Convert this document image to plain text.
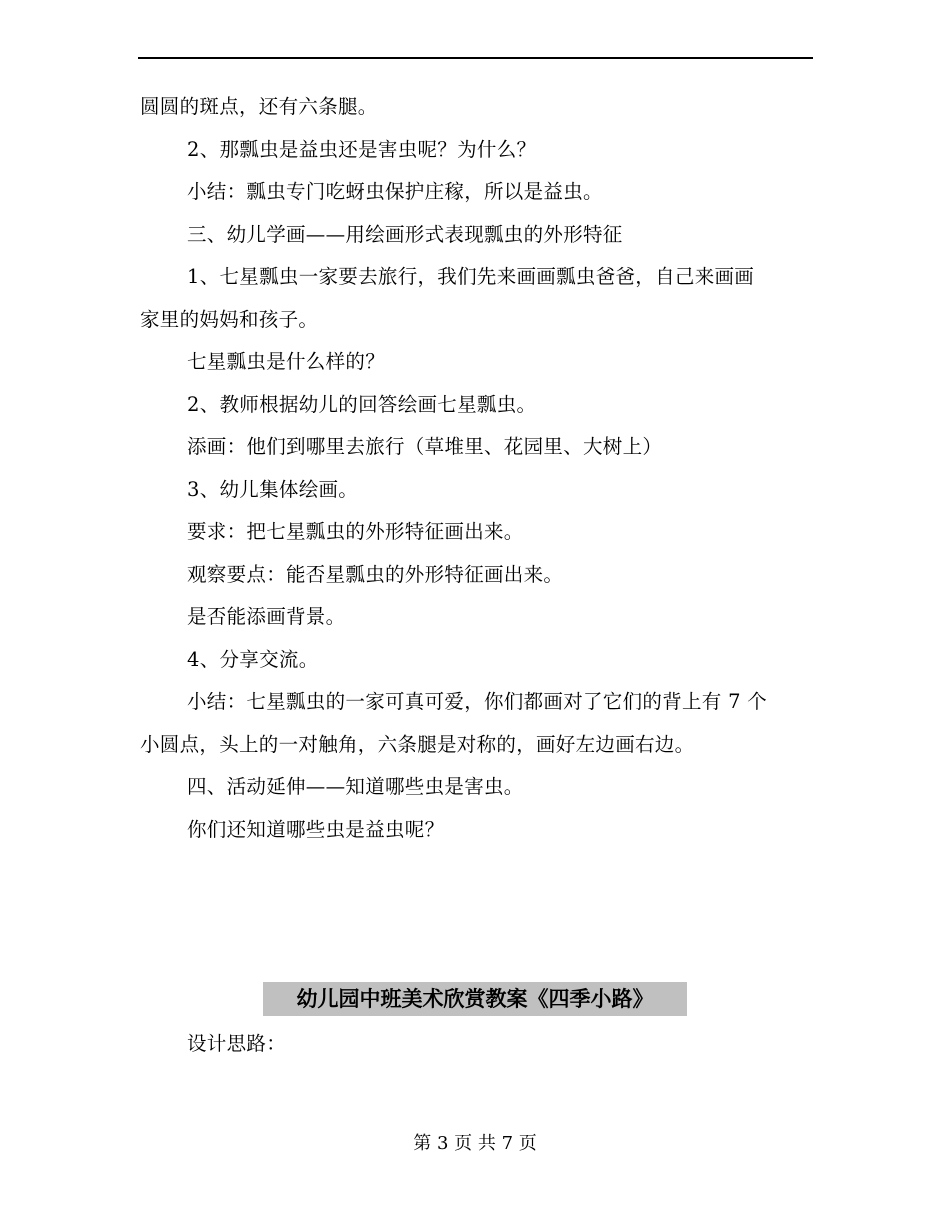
圆圆的斑点，还有六条腿。

2、那瓢虫是益虫还是害虫呢？为什么？

小结：瓢虫专门吃蚜虫保护庄稼，所以是益虫。

三、幼儿学画——用绘画形式表现瓢虫的外形特征

1、七星瓢虫一家要去旅行，我们先来画画瓢虫爸爸，自己来画画
家里的妈妈和孩子。

七星瓢虫是什么样的？

2、教师根据幼儿的回答绘画七星瓢虫。

添画：他们到哪里去旅行（草堆里、花园里、大树上）

3、幼儿集体绘画。

要求：把七星瓢虫的外形特征画出来。

观察要点：能否星瓢虫的外形特征画出来。

是否能添画背景。

4、分享交流。

小结：七星瓢虫的一家可真可爱，你们都画对了它们的背上有 7 个
小圆点，头上的一对触角，六条腿是对称的，画好左边画右边。

四、活动延伸——知道哪些虫是害虫。

你们还知道哪些虫是益虫呢？

幼儿园中班美术欣赏教案《四季小路》
设计思路：
第 3 页 共 7 页
